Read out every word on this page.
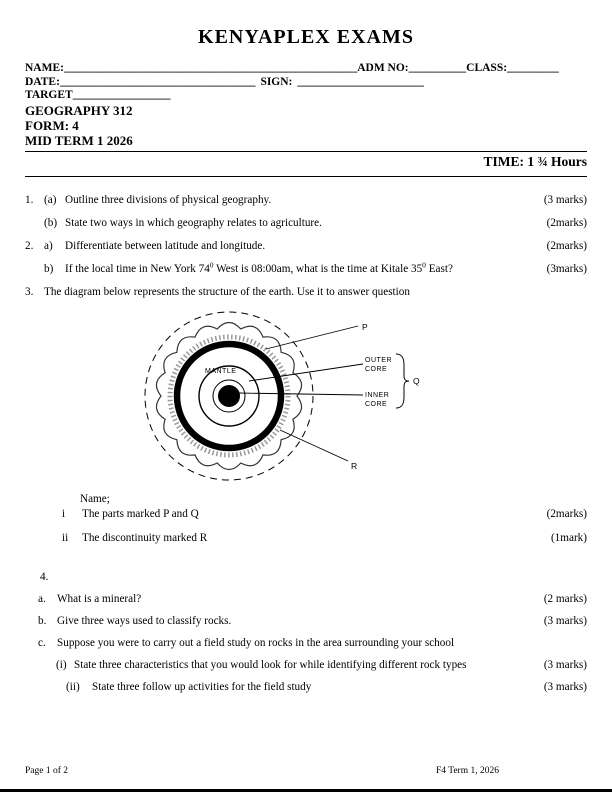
KENYAPLEX EXAMS
NAME:___________________________________________________ADM NO:__________CLASS:_________
DATE:__________________________________ SIGN: ______________________
TARGET_________________
GEOGRAPHY 312
FORM: 4
MID TERM 1 2026
TIME: 1 ¾ Hours
1. (a) Outline three divisions of physical geography.	(3 marks)
(b) State two ways in which geography relates to agriculture.	(2marks)
2. a)	Differentiate between latitude and longitude.	(2marks)
b)	If the local time in New York $74^0$ West is 08:00am, what is the time at Kitale $35^0$ East?	(3marks)
3. The diagram below represents the structure of the earth. Use it to answer question
MANTLE
P
OUTER
CORE
INNER
CORE
Q
R
Name;
i	The parts marked P and Q	(2marks)
ii	The discontinuity marked R	(1mark)
4.
a.	What is a mineral?	(2 marks)
b. Give three ways used to classify rocks.	(3 marks)
c.	Suppose you were to carry out a field study on rocks in the area surrounding your school
(i) State three characteristics that you would look for while identifying different rock types	(3 marks)
(ii)	State three follow up activities for the field study	(3 marks)
Page 1 of 2	F4 Term 1, 2026
